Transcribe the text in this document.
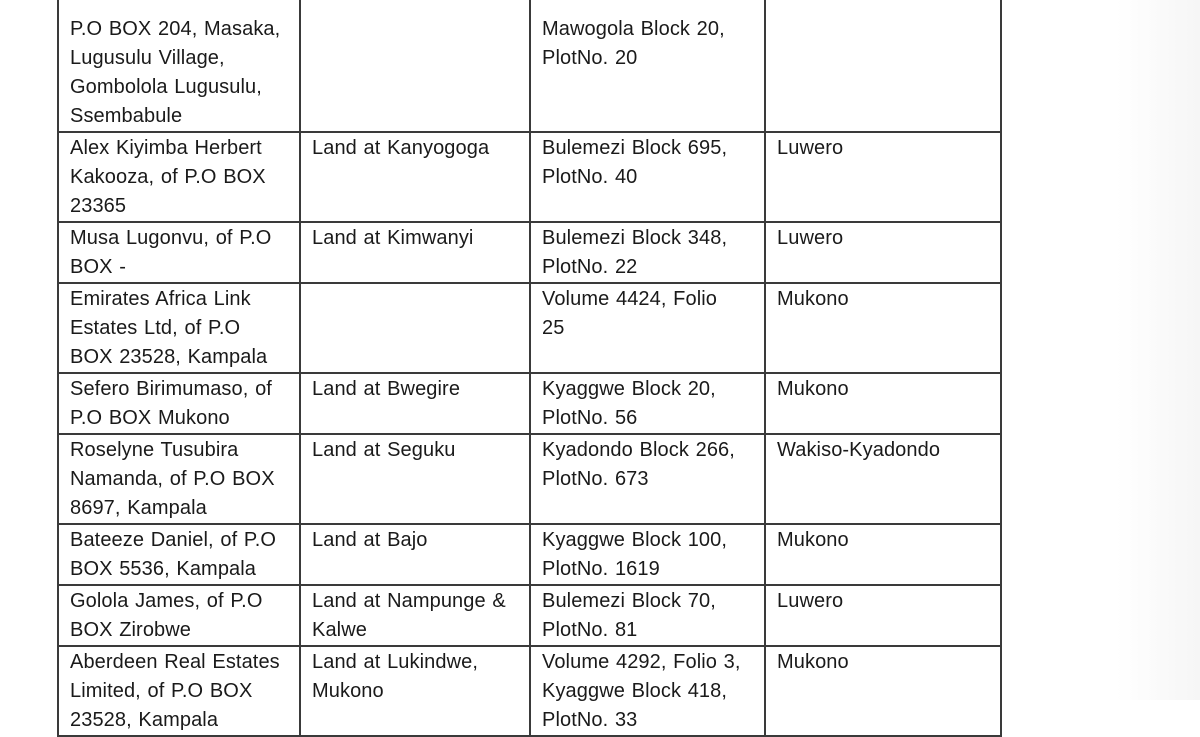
P.O BOX 204, Masaka,
Lugusulu Village,
Gombolola Lugusulu,
Ssembabule		Mawogola Block 20,
PlotNo. 20	

Alex Kiyimba Herbert
Kakooza, of P.O BOX
23365	Land at Kanyogoga	Bulemezi Block 695,
PlotNo. 40	Luwero

Musa Lugonvu, of P.O
BOX -	Land at Kimwanyi	Bulemezi Block 348,
PlotNo. 22	Luwero

Emirates Africa Link
Estates Ltd, of P.O
BOX 23528, Kampala		Volume 4424, Folio
25	Mukono

Sefero Birimumaso, of
P.O BOX Mukono	Land at Bwegire	Kyaggwe Block 20,
PlotNo. 56	Mukono

Roselyne Tusubira
Namanda, of P.O BOX
8697, Kampala	Land at Seguku	Kyadondo Block 266,
PlotNo. 673	Wakiso-Kyadondo

Bateeze Daniel, of P.O
BOX 5536, Kampala	Land at Bajo	Kyaggwe Block 100,
PlotNo. 1619	Mukono

Golola James, of P.O
BOX Zirobwe	Land at Nampunge &
Kalwe	Bulemezi Block 70,
PlotNo. 81	Luwero

Aberdeen Real Estates
Limited, of P.O BOX
23528, Kampala	Land at Lukindwe,
Mukono	Volume 4292, Folio 3,
Kyaggwe Block 418,
PlotNo. 33	Mukono
